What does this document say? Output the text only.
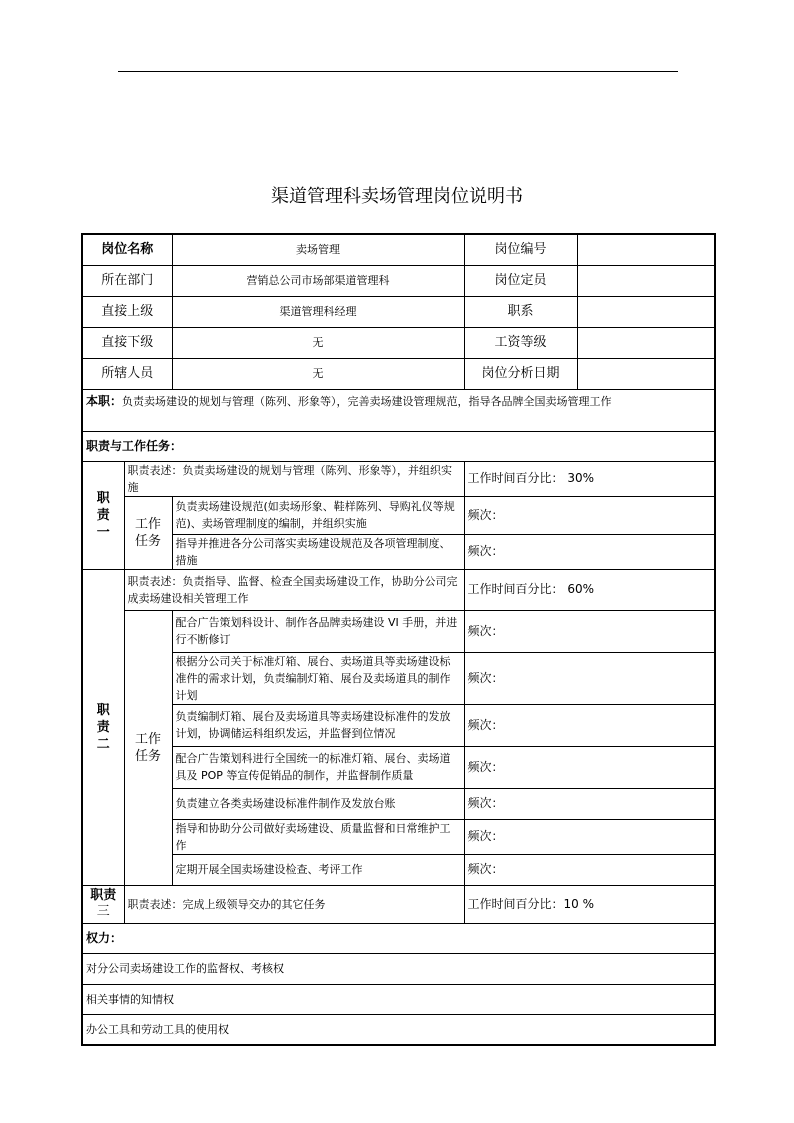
渠道管理科卖场管理岗位说明书
岗位名称		卖场管理	岗位编号	
所在部门		营销总公司市场部渠道管理科	岗位定员	
直接上级		渠道管理科经理	职系	
直接下级		无	工资等级	
所辖人员		无	岗位分析日期	
本职：负责卖场建设的规划与管理（陈列、形象等），完善卖场建设管理规范，指导各品牌全国卖场管理工作				
职责与工作任务：				

职
责
一	职责表述：负责卖场建设的规划与管理（陈列、形象等），并组织实施		工作时间百分比： 30%	

	工作
任务	负责卖场建设规范(如卖场形象、鞋样陈列、导购礼仪等规范)、卖场管理制度的编制，并组织实施	频次：	
		指导并推进各分公司落实卖场建设规范及各项管理制度、措施	频次：	

职
责
二	职责表述：负责指导、监督、检查全国卖场建设工作，协助分公司完成卖场建设相关管理工作		工作时间百分比： 60%	

	工作
任务	配合广告策划科设计、制作各品牌卖场建设 VI 手册，并进行不断修订	频次：	
		根据分公司关于标准灯箱、展台、卖场道具等卖场建设标准件的需求计划，负责编制灯箱、展台及卖场道具的制作计划	频次：	
		负责编制灯箱、展台及卖场道具等卖场建设标准件的发放计划，协调储运科组织发运，并监督到位情况	频次：	
		配合广告策划科进行全国统一的标准灯箱、展台、卖场道具及 POP 等宣传促销品的制作，并监督制作质量	频次：	
		负责建立各类卖场建设标准件制作及发放台账	频次：	
		指导和协助分公司做好卖场建设、质量监督和日常维护工作	频次：	
		定期开展全国卖场建设检查、考评工作	频次：	

职责
三	职责表述：完成上级领导交办的其它任务		工作时间百分比：10 %	
权力：				
对分公司卖场建设工作的监督权、考核权				
相关事情的知情权				
办公工具和劳动工具的使用权				
